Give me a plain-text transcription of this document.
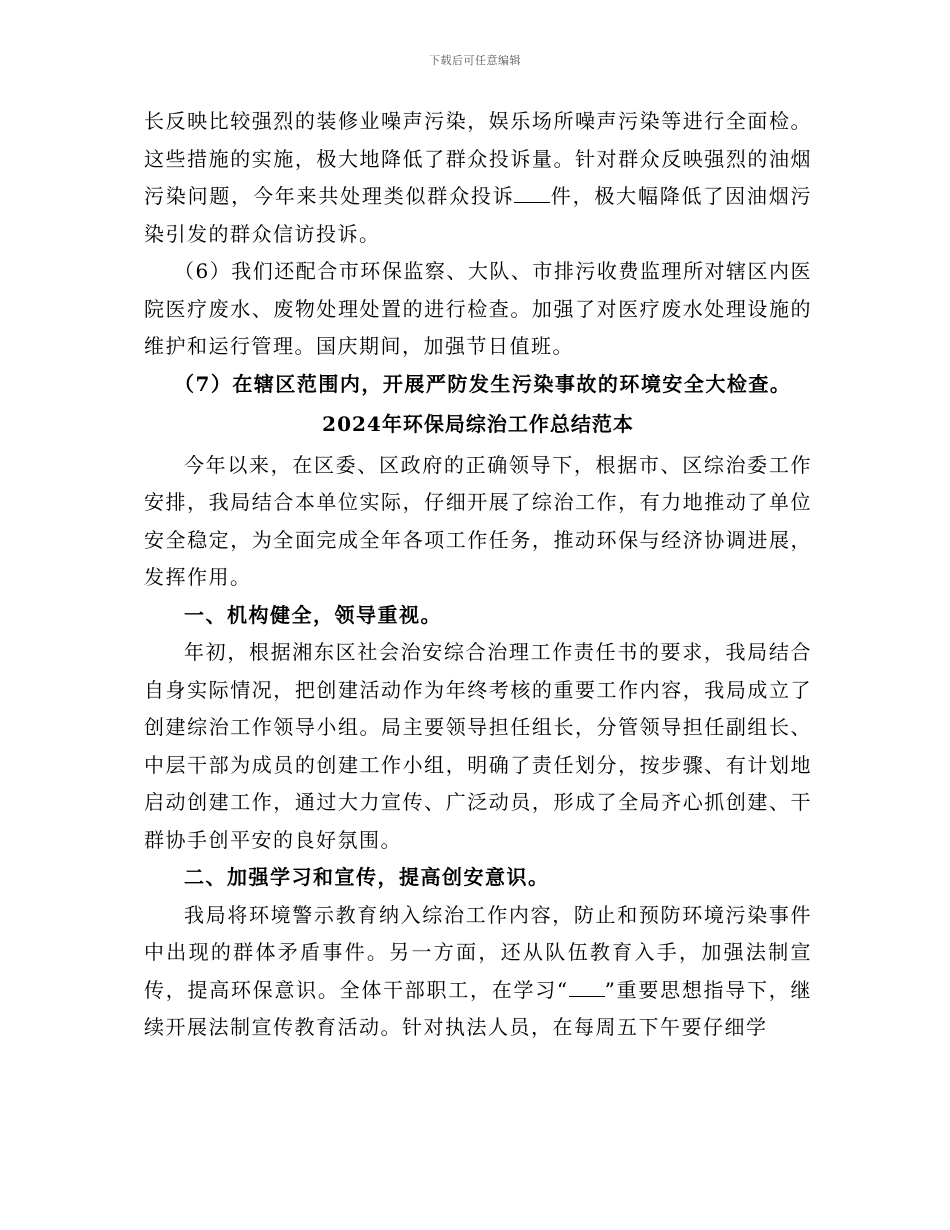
下载后可任意编辑

长反映比较强烈的装修业噪声污染，娱乐场所噪声污染等进行全面检。这些措施的实施，极大地降低了群众投诉量。针对群众反映强烈的油烟污染问题，今年来共处理类似群众投诉 件，极大幅降低了因油烟污染引发的群众信访投诉。

（6）我们还配合市环保监察、大队、市排污收费监理所对辖区内医院医疗废水、废物处理处置的进行检查。加强了对医疗废水处理设施的维护和运行管理。国庆期间，加强节日值班。

（7）在辖区范围内，开展严防发生污染事故的环境安全大检查。

2024年环保局综治工作总结范本

今年以来，在区委、区政府的正确领导下，根据市、区综治委工作安排，我局结合本单位实际，仔细开展了综治工作，有力地推动了单位安全稳定，为全面完成全年各项工作任务，推动环保与经济协调进展，发挥作用。

一、机构健全，领导重视。

年初，根据湘东区社会治安综合治理工作责任书的要求，我局结合自身实际情况，把创建活动作为年终考核的重要工作内容，我局成立了创建综治工作领导小组。局主要领导担任组长，分管领导担任副组长、中层干部为成员的创建工作小组，明确了责任划分，按步骤、有计划地启动创建工作，通过大力宣传、广泛动员，形成了全局齐心抓创建、干群协手创平安的良好氛围。

二、加强学习和宣传，提高创安意识。

我局将环境警示教育纳入综治工作内容，防止和预防环境污染事件中出现的群体矛盾事件。另一方面，还从队伍教育入手，加强法制宣传，提高环保意识。全体干部职工，在学习“ ”重要思想指导下，继续开展法制宣传教育活动。针对执法人员，在每周五下午要仔细学
